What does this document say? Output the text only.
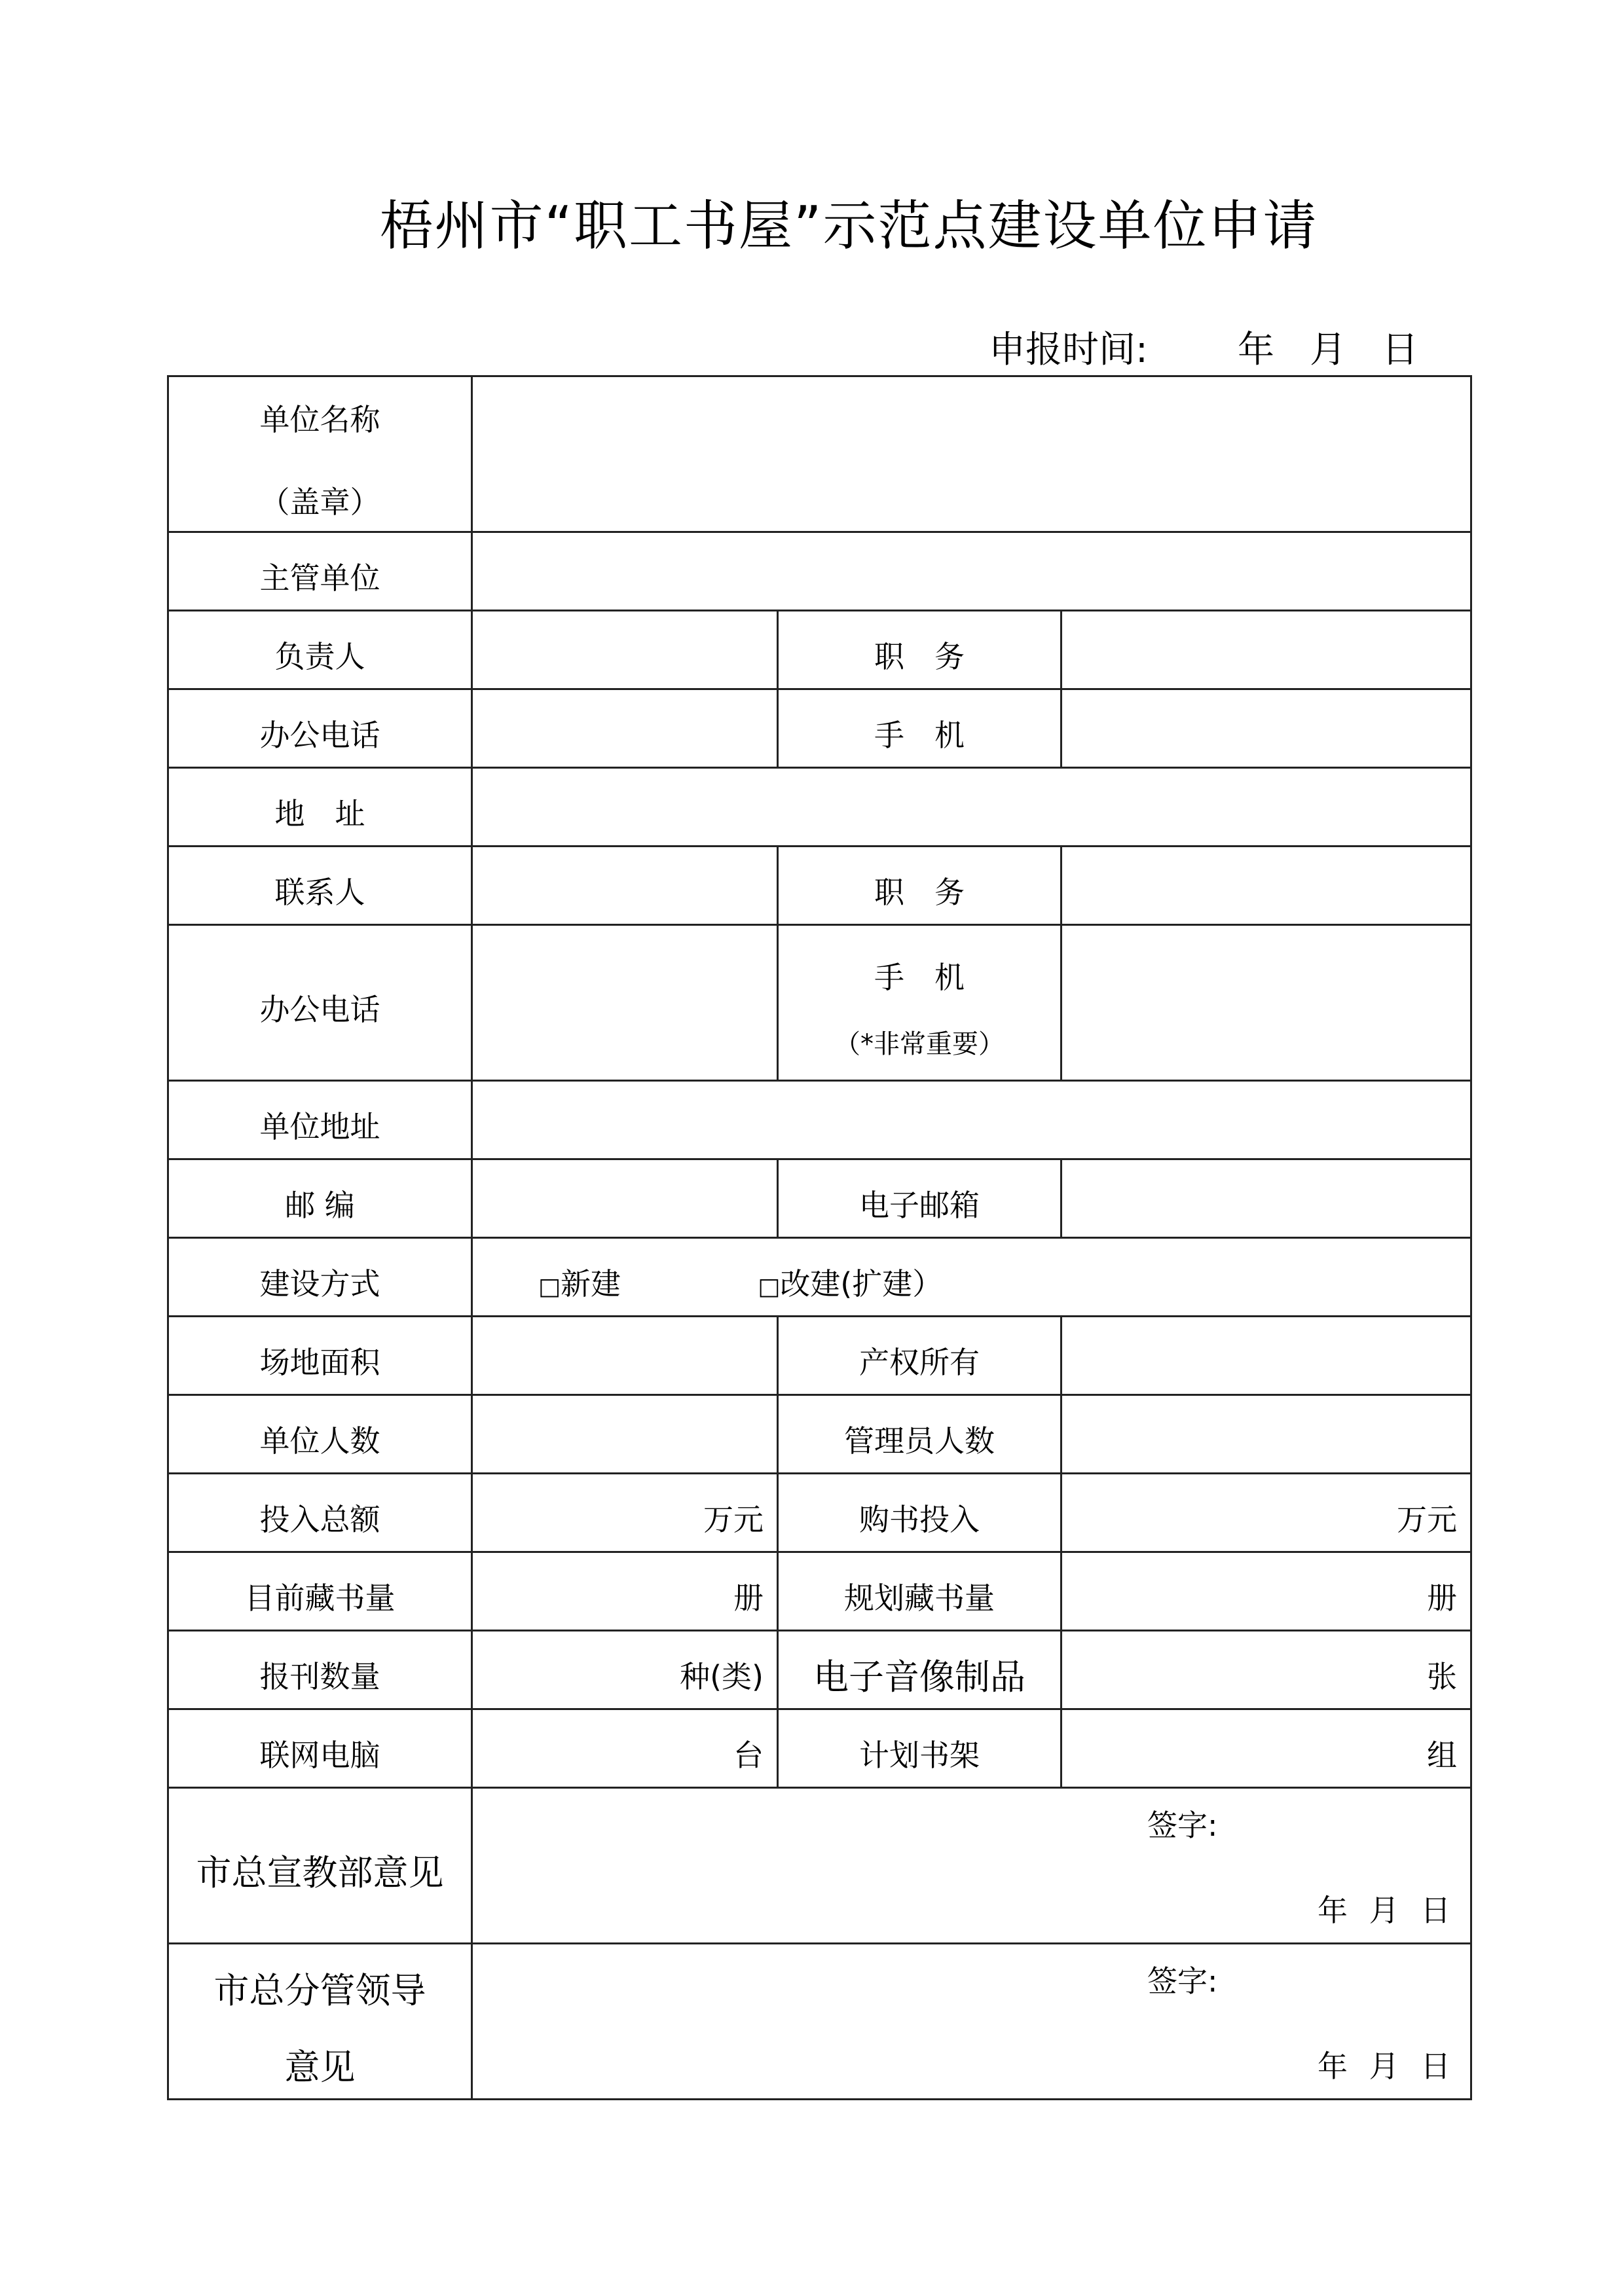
梧州市“职工书屋”示范点建设单位申请
申报时间: 年 月 日
单位名称
（盖章）			

主管单位			
负责人		职　务	
办公电话		手　机	
地　址			
联系人		职　务	
办公电话		手　机
（*非常重要）	

单位地址			
邮 编		电子邮箱	
建设方式	□新建 □改建(扩建）		
场地面积		产权所有	
单位人数		管理员人数	
投入总额	万元	购书投入	万元
目前藏书量	册	规划藏书量	册
报刊数量	种(类)	电子音像制品	张
联网电脑	台	计划书架	组
市总宣教部意见	签字:
年 月 日		

市总分管领导
意见	签字:
年 月 日		
